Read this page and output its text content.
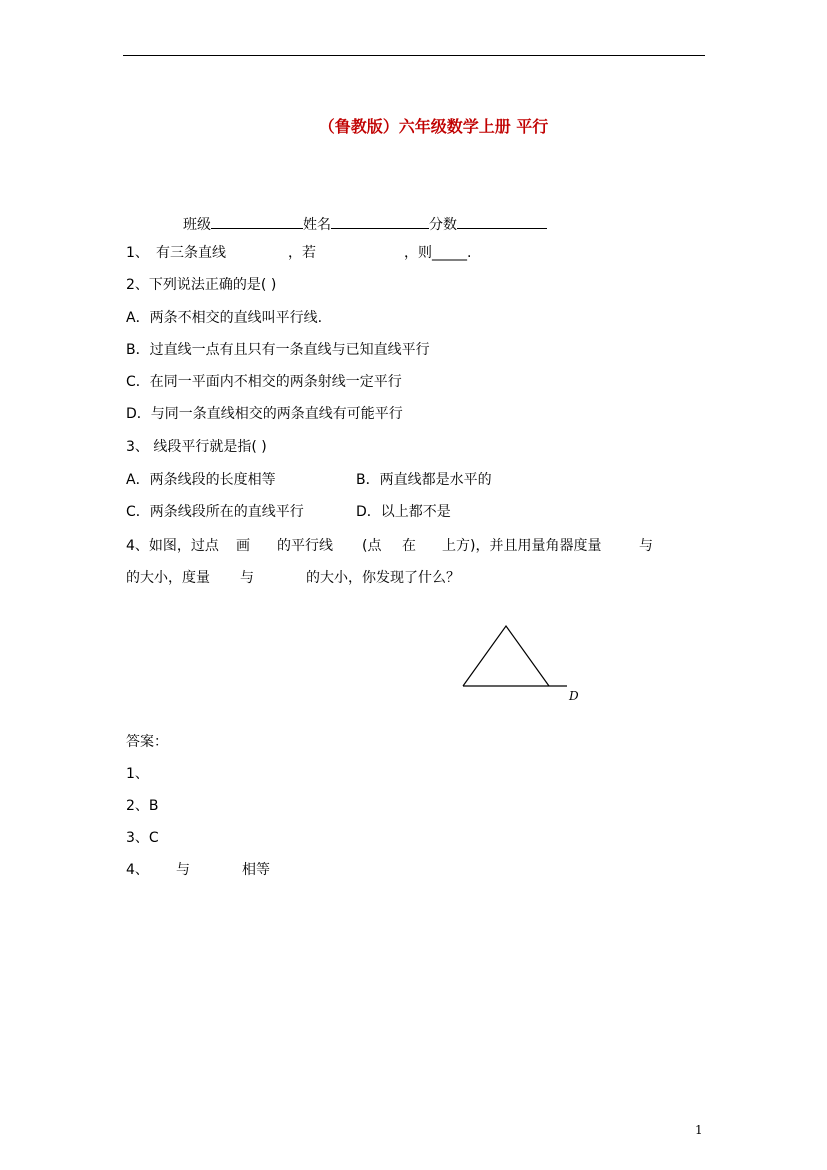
（鲁教版）六年级数学上册 平行
班级	姓名	分数
1、 有三条直线	，若	，则_____.
2、下列说法正确的是( )
A．两条不相交的直线叫平行线.
B．过直线一点有且只有一条直线与已知直线平行
C．在同一平面内不相交的两条射线一定平行
D．与同一条直线相交的两条直线有可能平行
3、 线段平行就是指( )
A．两条线段的长度相等	B．两直线都是水平的
C．两条线段所在的直线平行	D．以上都不是
4、如图，过点 画 的平行线 (点 在 上方)，并且用量角器度量	与
的大小，度量 与	的大小，你发现了什么？
D
答案：
1、
2、B
3、C
4、 与	相等
1
